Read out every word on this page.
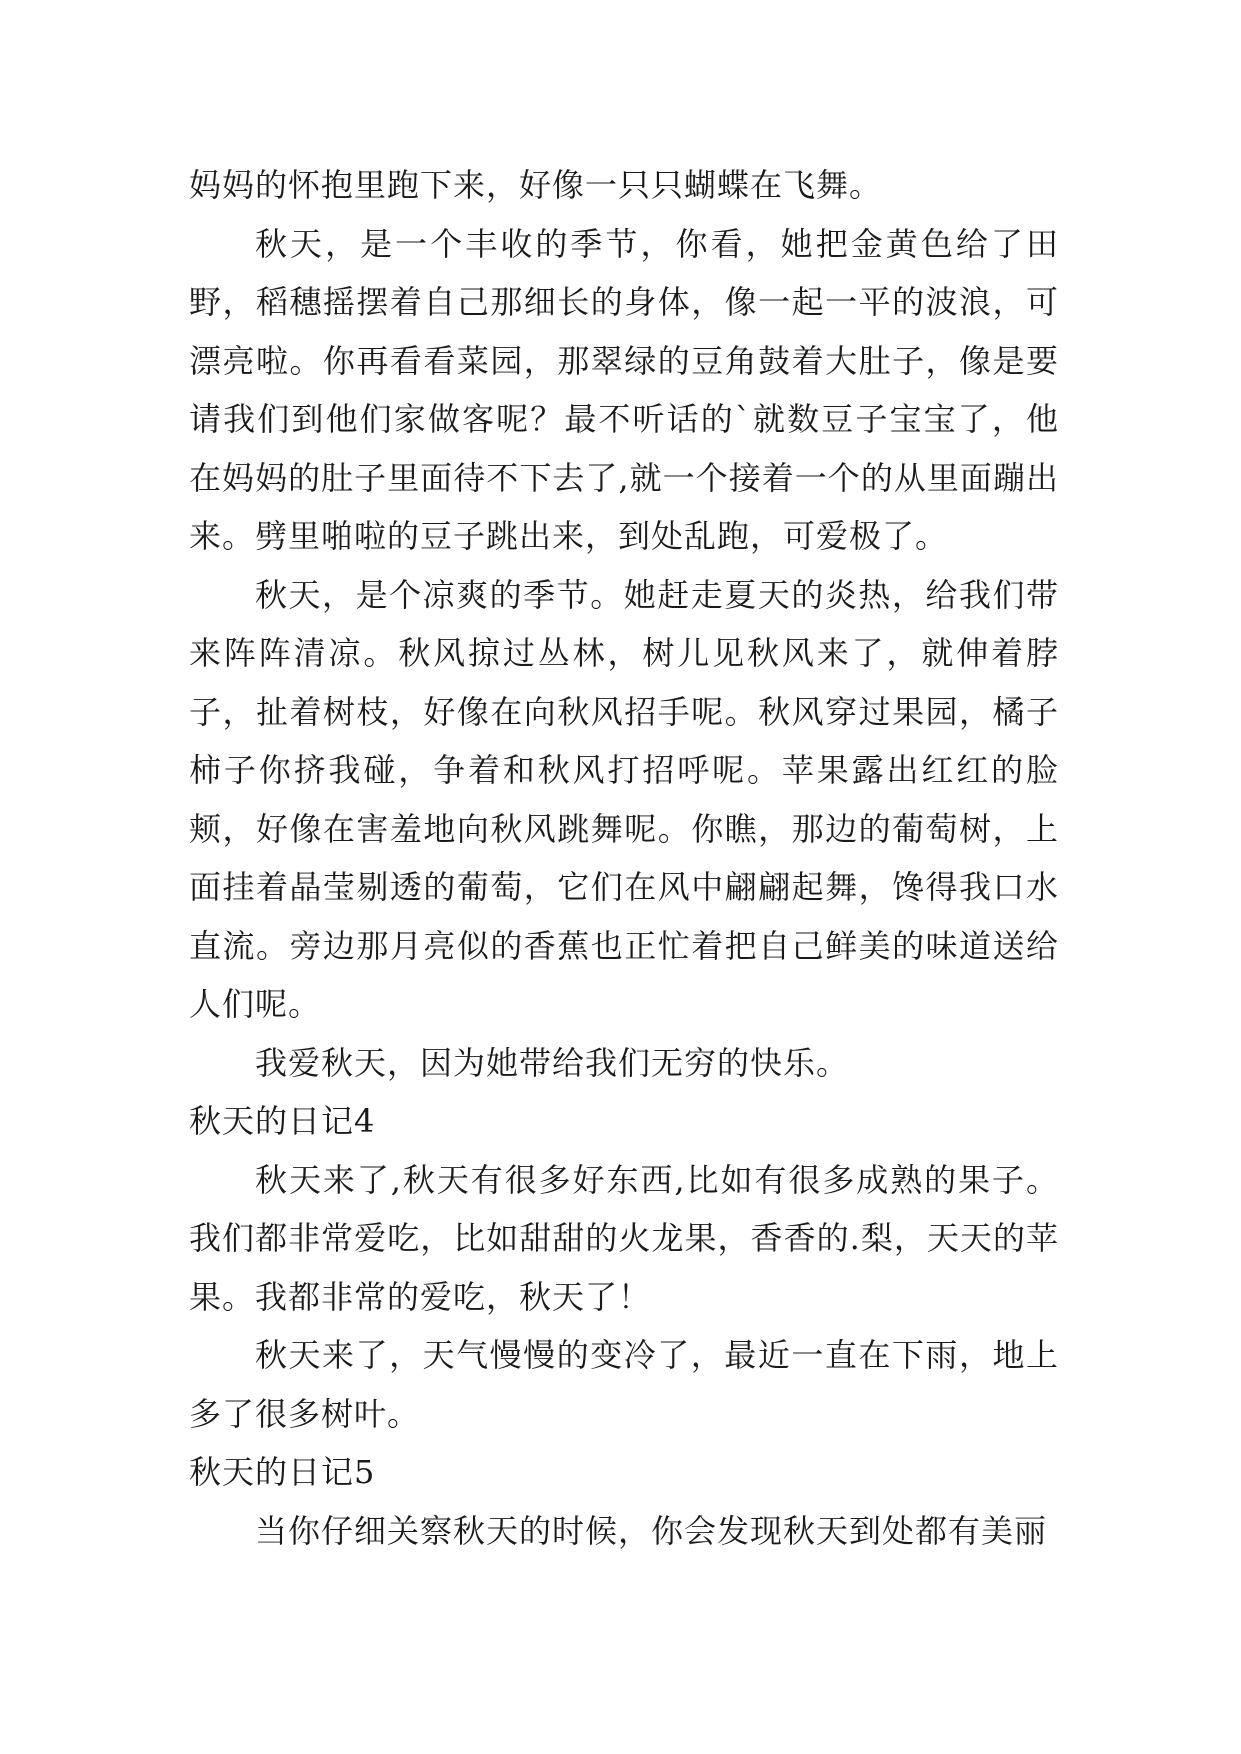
妈妈的怀抱里跑下来，好像一只只蝴蝶在飞舞。

秋天，是一个丰收的季节，你看，她把金黄色给了田野，稻穗摇摆着自己那细长的身体，像一起一平的波浪，可漂亮啦。你再看看菜园，那翠绿的豆角鼓着大肚子，像是要请我们到他们家做客呢？最不听话的`就数豆子宝宝了，他在妈妈的肚子里面待不下去了,就一个接着一个的从里面蹦出来。劈里啪啦的豆子跳出来，到处乱跑，可爱极了。

秋天，是个凉爽的季节。她赶走夏天的炎热，给我们带来阵阵清凉。秋风掠过丛林，树儿见秋风来了，就伸着脖子，扯着树枝，好像在向秋风招手呢。秋风穿过果园，橘子柿子你挤我碰，争着和秋风打招呼呢。苹果露出红红的脸颊，好像在害羞地向秋风跳舞呢。你瞧，那边的葡萄树，上面挂着晶莹剔透的葡萄，它们在风中翩翩起舞，馋得我口水直流。旁边那月亮似的香蕉也正忙着把自己鲜美的味道送给人们呢。

我爱秋天，因为她带给我们无穷的快乐。

秋天的日记4

秋天来了,秋天有很多好东西,比如有很多成熟的果子。我们都非常爱吃，比如甜甜的火龙果，香香的.梨，天天的苹果。我都非常的爱吃，秋天了！

秋天来了，天气慢慢的变冷了，最近一直在下雨，地上多了很多树叶。

秋天的日记5

当你仔细关察秋天的时候，你会发现秋天到处都有美丽
